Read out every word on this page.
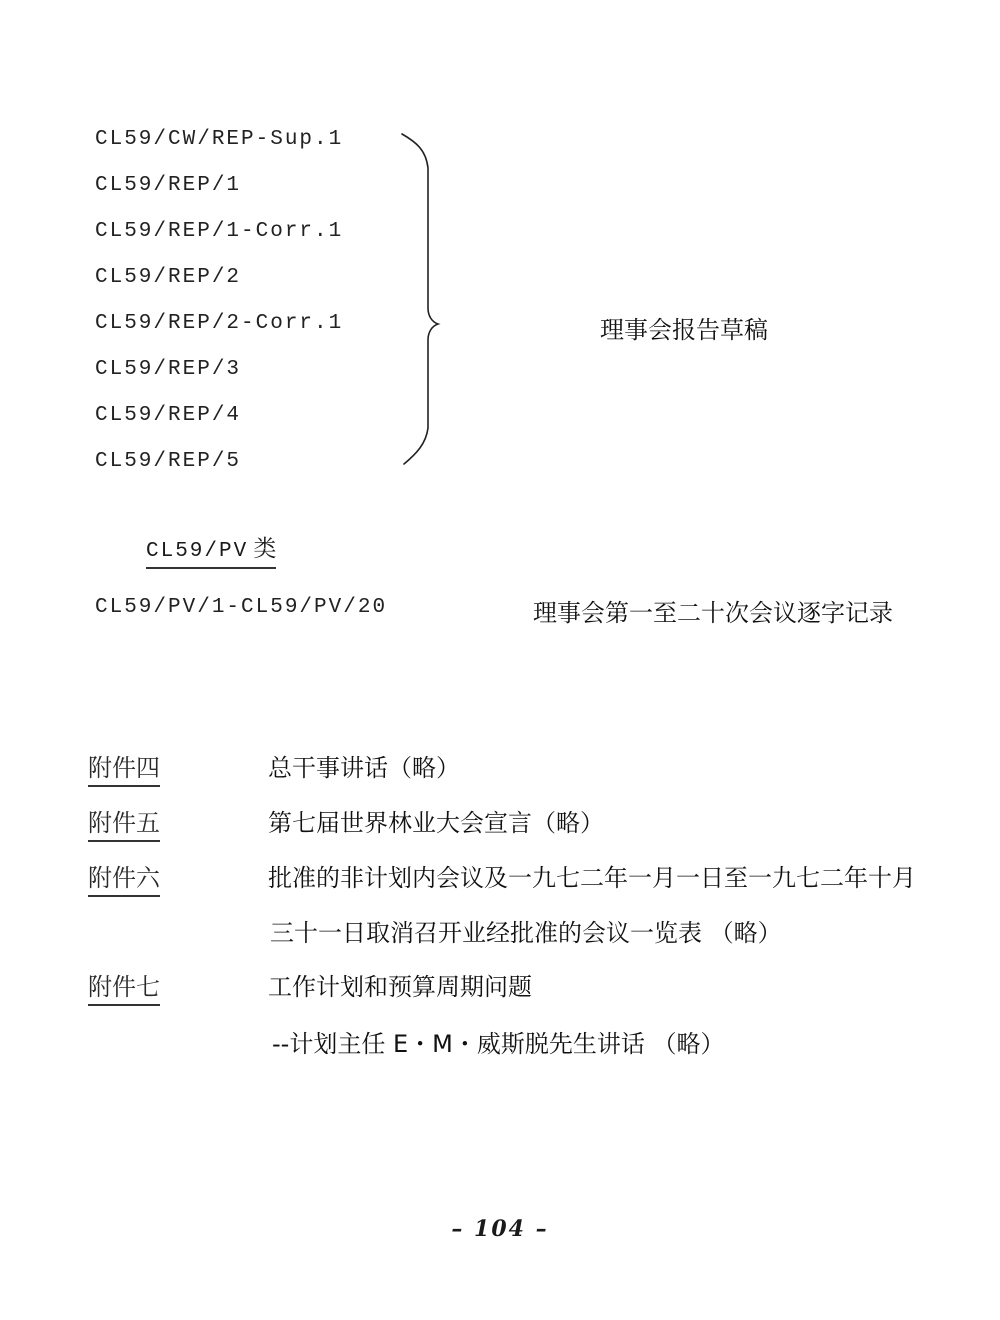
CL59/CW/REP-Sup.1
CL59/REP/1
CL59/REP/1-Corr.1
CL59/REP/2
CL59/REP/2-Corr.1
CL59/REP/3
CL59/REP/4
CL59/REP/5
理事会报告草稿
CL59/PV 类
CL59/PV/1-CL59/PV/20	理事会第一至二十次会议逐字记录
附件四	总干事讲话（略）
附件五	第七届世界林业大会宣言（略）
附件六	批准的非计划内会议及一九七二年一月一日至一九七二年十月
三十一日取消召开业经批准的会议一览表 （略）
附件七	工作计划和预算周期问题
--计划主任 E・M・威斯脱先生讲话 （略）
– 104 –
